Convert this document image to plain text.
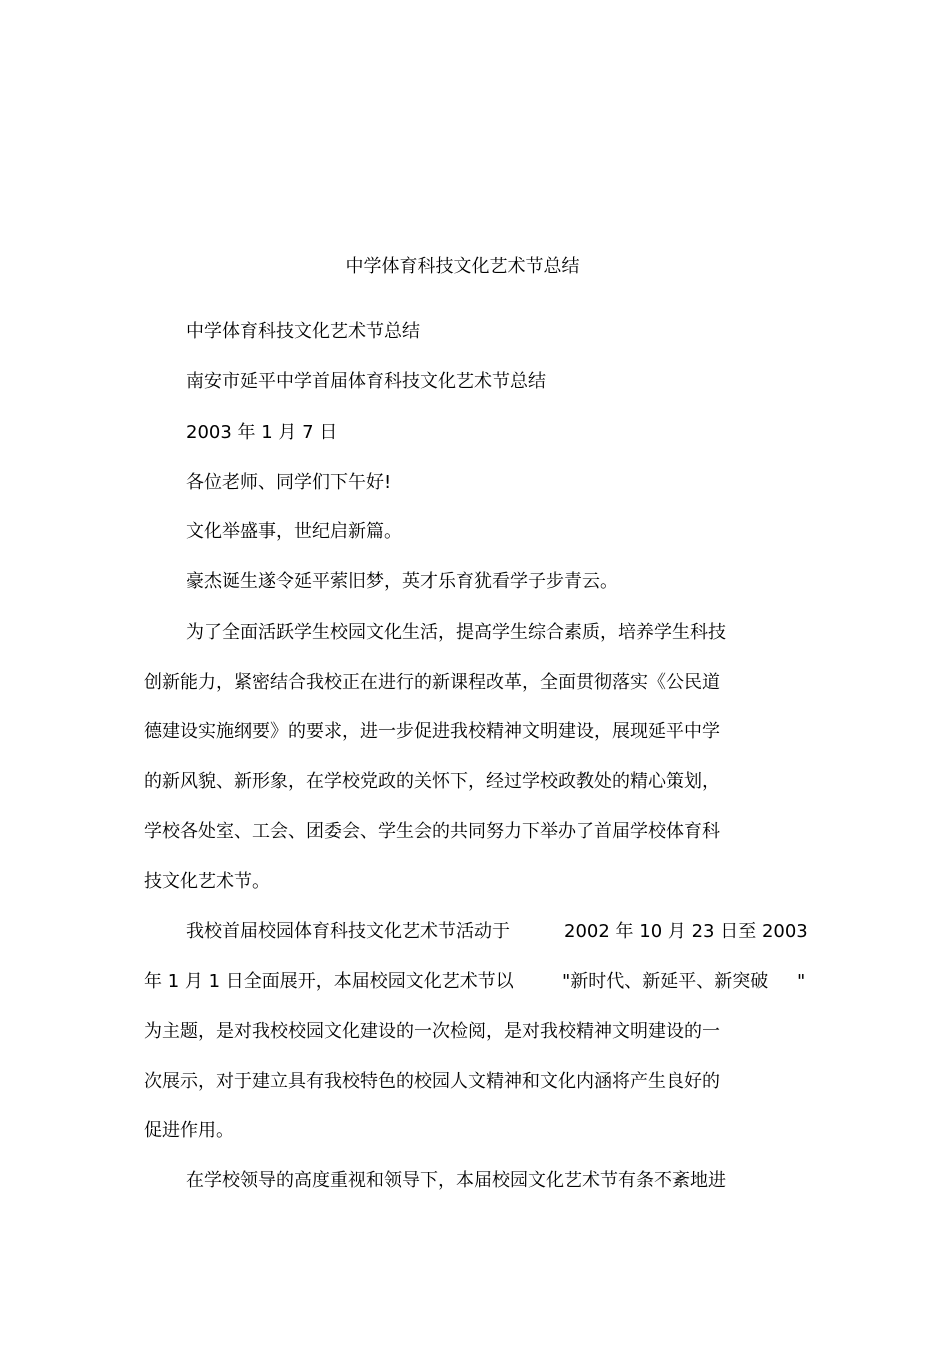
中学体育科技文化艺术节总结
中学体育科技文化艺术节总结
南安市延平中学首届体育科技文化艺术节总结
2003 年 1 月 7 日
各位老师、同学们下午好!
文化举盛事，世纪启新篇。
豪杰诞生遂令延平萦旧梦，英才乐育犹看学子步青云。
为了全面活跃学生校园文化生活，提高学生综合素质，培养学生科技
创新能力，紧密结合我校正在进行的新课程改革，全面贯彻落实《公民道
德建设实施纲要》的要求，进一步促进我校精神文明建设，展现延平中学
的新风貌、新形象，在学校党政的关怀下，经过学校政教处的精心策划，
学校各处室、工会、团委会、学生会的共同努力下举办了首届学校体育科
技文化艺术节。
我校首届校园体育科技文化艺术节活动于	2002 年 10 月 23 日至 2003
年 1 月 1 日全面展开，本届校园文化艺术节以	"新时代、新延平、新突破 "
为主题，是对我校校园文化建设的一次检阅，是对我校精神文明建设的一
次展示，对于建立具有我校特色的校园人文精神和文化内涵将产生良好的
促进作用。
在学校领导的高度重视和领导下，本届校园文化艺术节有条不紊地进
